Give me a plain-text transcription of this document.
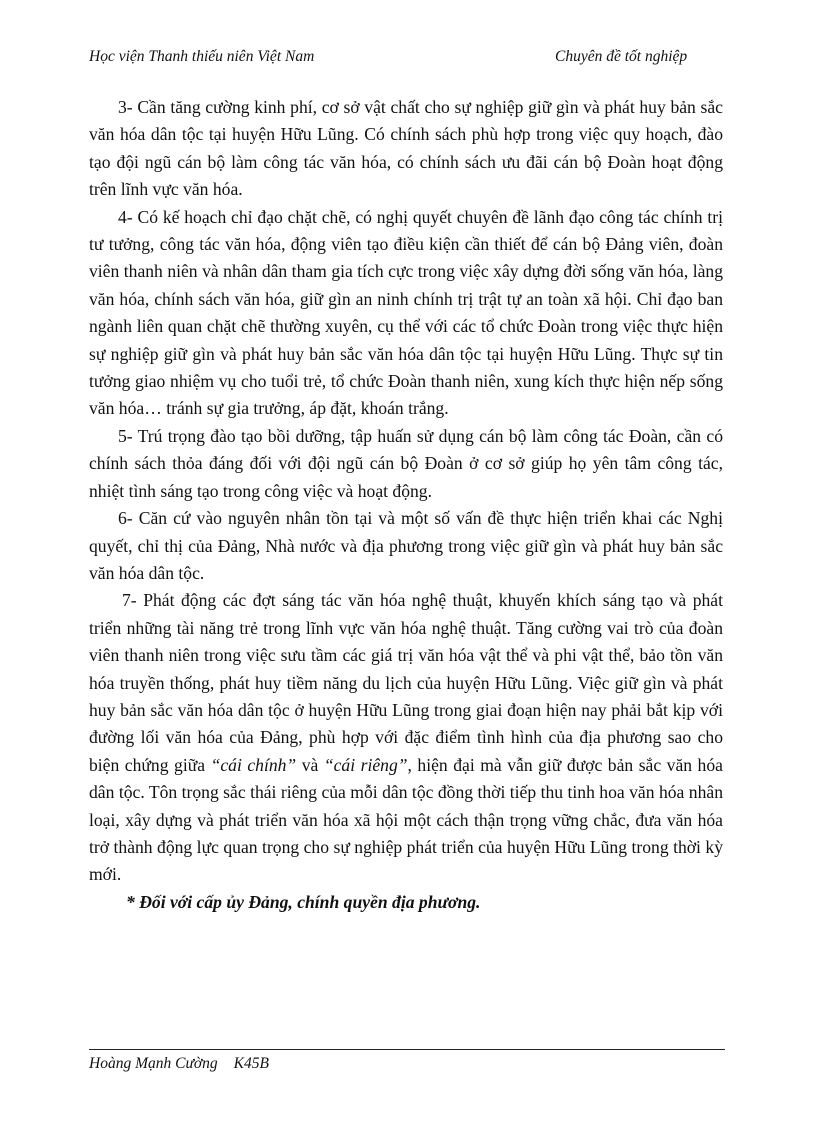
Học viện Thanh thiếu niên Việt Nam	Chuyên đề tốt nghiệp

3- Cần tăng cường kinh phí, cơ sở vật chất cho sự nghiệp giữ gìn và phát huy bản sắc văn hóa dân tộc tại huyện Hữu Lũng. Có chính sách phù hợp trong việc quy hoạch, đào tạo đội ngũ cán bộ làm công tác văn hóa, có chính sách ưu đãi cán bộ Đoàn hoạt động trên lĩnh vực văn hóa.

4- Có kế hoạch chỉ đạo chặt chẽ, có nghị quyết chuyên đề lãnh đạo công tác chính trị tư tưởng, công tác văn hóa, động viên tạo điều kiện cần thiết để cán bộ Đảng viên, đoàn viên thanh niên và nhân dân tham gia tích cực trong việc xây dựng đời sống văn hóa, làng văn hóa, chính sách văn hóa, giữ gìn an ninh chính trị trật tự an toàn xã hội. Chỉ đạo ban ngành liên quan chặt chẽ thường xuyên, cụ thể với các tổ chức Đoàn trong việc thực hiện sự nghiệp giữ gìn và phát huy bản sắc văn hóa dân tộc tại huyện Hữu Lũng. Thực sự tin tưởng giao nhiệm vụ cho tuổi trẻ, tổ chức Đoàn thanh niên, xung kích thực hiện nếp sống văn hóa… tránh sự gia trưởng, áp đặt, khoán trắng.

5- Trú trọng đào tạo bồi dưỡng, tập huấn sử dụng cán bộ làm công tác Đoàn, cần có chính sách thỏa đáng đối với đội ngũ cán bộ Đoàn ở cơ sở giúp họ yên tâm công tác, nhiệt tình sáng tạo trong công việc và hoạt động.

6- Căn cứ vào nguyên nhân tồn tại và một số vấn đề thực hiện triển khai các Nghị quyết, chỉ thị của Đảng, Nhà nước và địa phương trong việc giữ gìn và phát huy bản sắc văn hóa dân tộc.

7- Phát động các đợt sáng tác văn hóa nghệ thuật, khuyến khích sáng tạo và phát triển những tài năng trẻ trong lĩnh vực văn hóa nghệ thuật. Tăng cường vai trò của đoàn viên thanh niên trong việc sưu tầm các giá trị văn hóa vật thể và phi vật thể, bảo tồn văn hóa truyền thống, phát huy tiềm năng du lịch của huyện Hữu Lũng. Việc giữ gìn và phát huy bản sắc văn hóa dân tộc ở huyện Hữu Lũng trong giai đoạn hiện nay phải bắt kịp với đường lối văn hóa của Đảng, phù hợp với đặc điểm tình hình của địa phương sao cho biện chứng giữa “cái chính” và “cái riêng”, hiện đại mà vẫn giữ được bản sắc văn hóa dân tộc. Tôn trọng sắc thái riêng của mỗi dân tộc đồng thời tiếp thu tinh hoa văn hóa nhân loại, xây dựng và phát triển văn hóa xã hội một cách thận trọng vững chắc, đưa văn hóa trở thành động lực quan trọng cho sự nghiệp phát triển của huyện Hữu Lũng trong thời kỳ mới.

* Đối với cấp ủy Đảng, chính quyền địa phương.

Hoàng Mạnh Cường K45B
